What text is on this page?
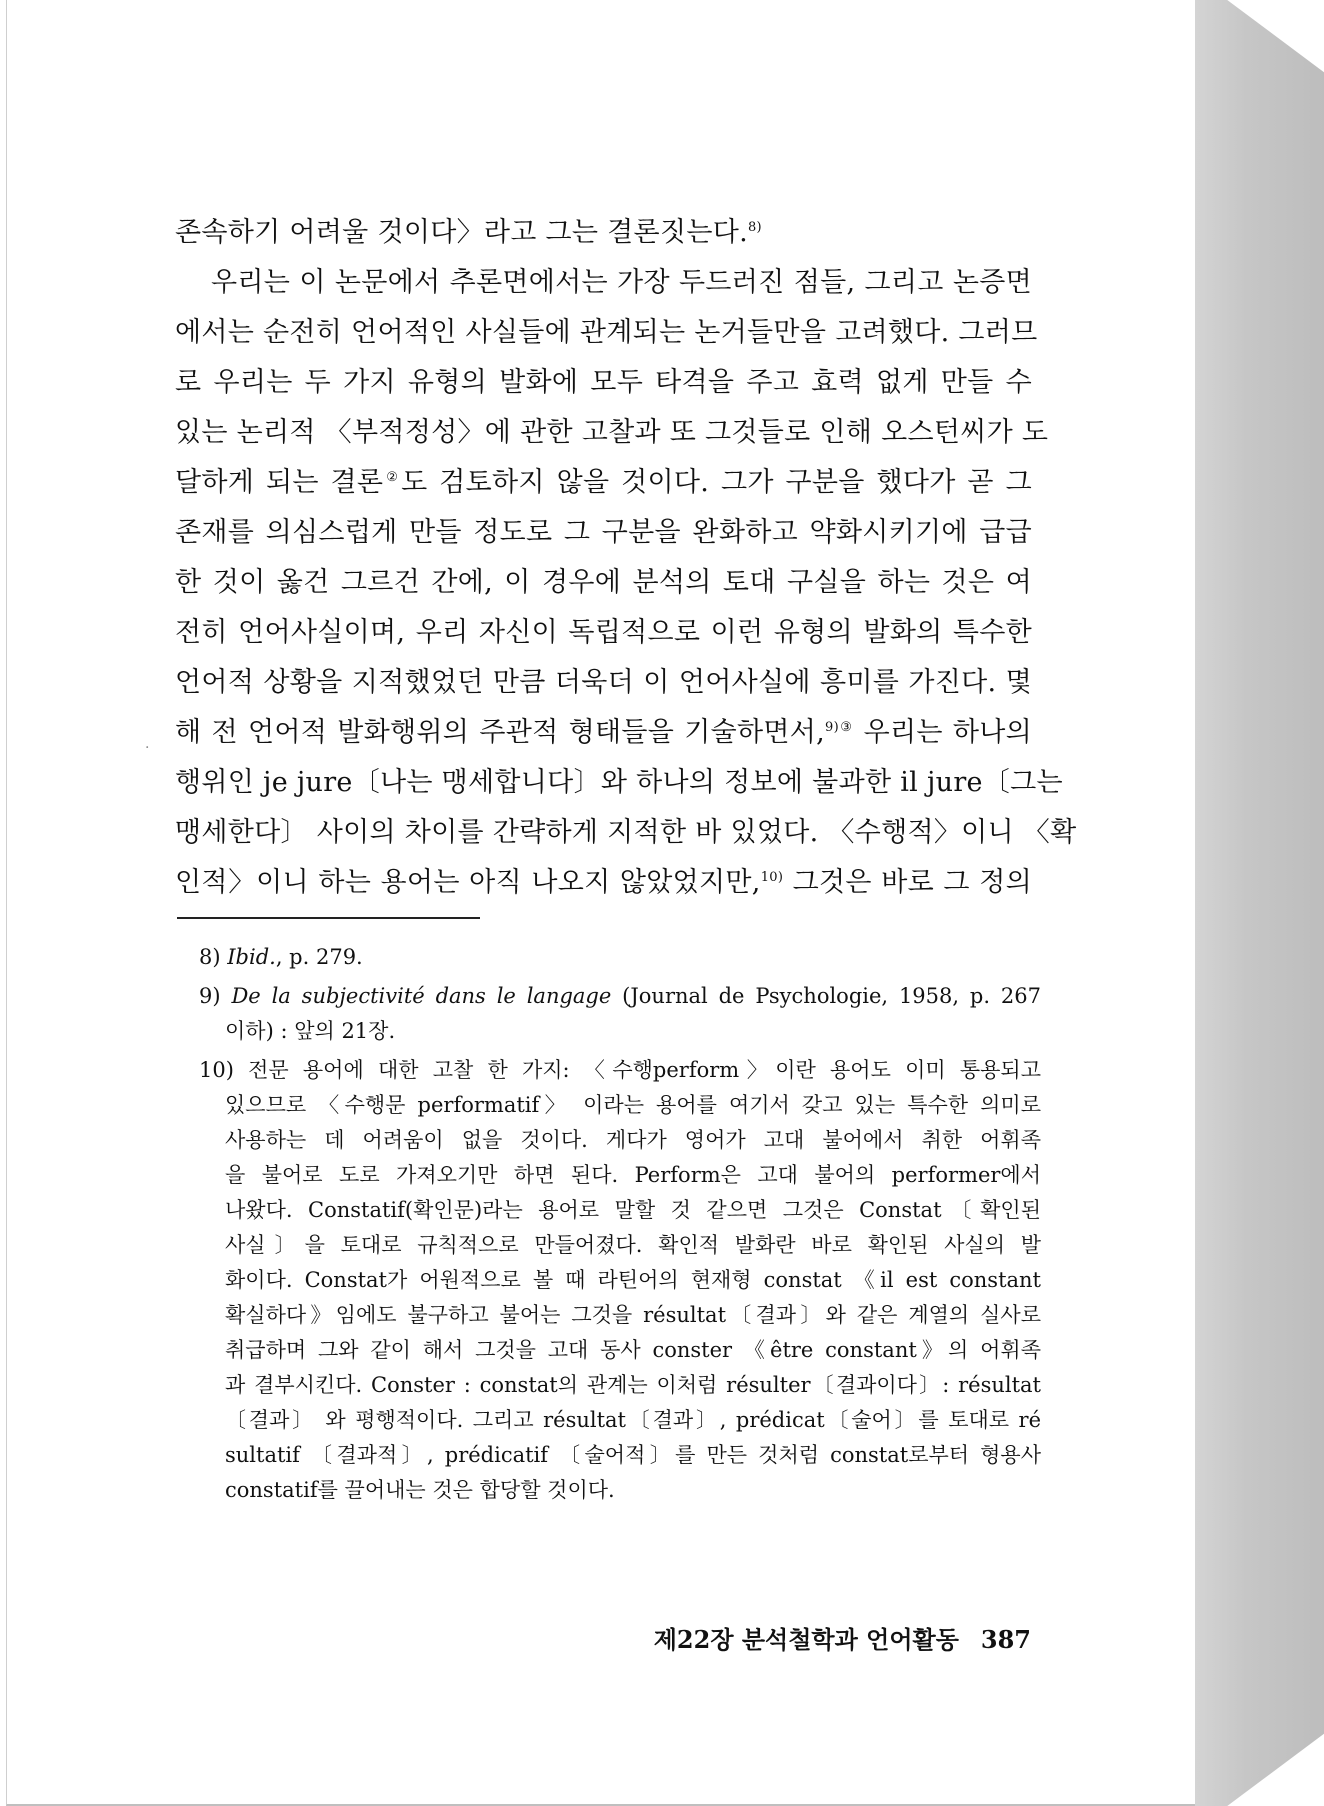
존속하기 어려울 것이다〉라고 그는 결론짓는다.$^{8)}$
우리는 이 논문에서 추론면에서는 가장 두드러진 점들, 그리고 논증면
에서는 순전히 언어적인 사실들에 관계되는 논거들만을 고려했다. 그러므
로 우리는 두 가지 유형의 발화에 모두 타격을 주고 효력 없게 만들 수
있는 논리적 〈부적정성〉에 관한 고찰과 또 그것들로 인해 오스턴씨가 도
달하게 되는 결론②도 검토하지 않을 것이다. 그가 구분을 했다가 곧 그
존재를 의심스럽게 만들 정도로 그 구분을 완화하고 약화시키기에 급급
한 것이 옳건 그르건 간에, 이 경우에 분석의 토대 구실을 하는 것은 여
전히 언어사실이며, 우리 자신이 독립적으로 이런 유형의 발화의 특수한
언어적 상황을 지적했었던 만큼 더욱더 이 언어사실에 흥미를 가진다. 몇
해 전 언어적 발화행위의 주관적 형태들을 기술하면서,$^{9)③}$ 우리는 하나의
행위인 je jure〔나는 맹세합니다〕와 하나의 정보에 불과한 il jure〔그는
맹세한다〕 사이의 차이를 간략하게 지적한 바 있었다. 〈수행적〉이니 〈확
인적〉이니 하는 용어는 아직 나오지 않았었지만,$^{10)}$ 그것은 바로 그 정의
·
8) Ibid., p. 279.
9) De la subjectivité dans le langage (Journal de Psychologie, 1958, p. 267
이하) : 앞의 21장.
10) 전문 용어에 대한 고찰 한 가지: 〈수행perform〉이란 용어도 이미 통용되고
있으므로 〈수행문 performatif〉 이라는 용어를 여기서 갖고 있는 특수한 의미로
사용하는 데 어려움이 없을 것이다. 게다가 영어가 고대 불어에서 취한 어휘족
을 불어로 도로 가져오기만 하면 된다. Perform은 고대 불어의 performer에서
나왔다. Constatif(확인문)라는 용어로 말할 것 같으면 그것은 Constat〔확인된
사실〕을 토대로 규칙적으로 만들어졌다. 확인적 발화란 바로 확인된 사실의 발
화이다. Constat가 어원적으로 볼 때 라틴어의 현재형 constat 《il est constant
확실하다》임에도 불구하고 불어는 그것을 résultat〔결과〕와 같은 계열의 실사로
취급하며 그와 같이 해서 그것을 고대 동사 conster 《être constant》의 어휘족
과 결부시킨다. Conster : constat의 관계는 이처럼 résulter〔결과이다〕: résultat
〔결과〕 와 평행적이다. 그리고 résultat〔결과〕, prédicat〔술어〕를 토대로 ré
sultatif 〔결과적〕, prédicatif 〔술어적〕를 만든 것처럼 constat로부터 형용사
constatif를 끌어내는 것은 합당할 것이다.
제22장 분석철학과 언어활동 387
